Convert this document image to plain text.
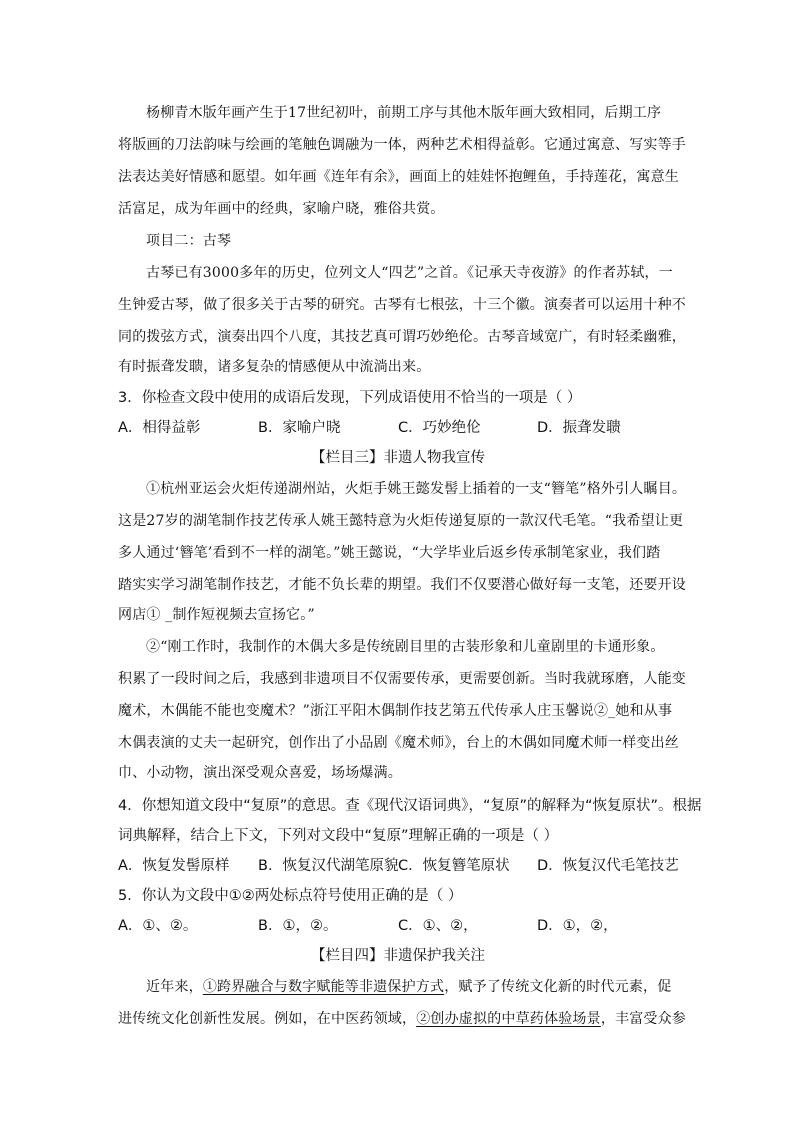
杨柳青木版年画产生于17世纪初叶，前期工序与其他木版年画大致相同，后期工序
将版画的刀法韵味与绘画的笔触色调融为一体，两种艺术相得益彰。它通过寓意、写实等手
法表达美好情感和愿望。如年画《连年有余》，画面上的娃娃怀抱鲤鱼，手持莲花，寓意生
活富足，成为年画中的经典，家喻户晓，雅俗共赏。
项目二：古琴
古琴已有3000多年的历史，位列文人“四艺”之首。《记承天寺夜游》的作者苏轼，一
生钟爱古琴，做了很多关于古琴的研究。古琴有七根弦，十三个徽。演奏者可以运用十种不
同的拨弦方式，演奏出四个八度，其技艺真可谓巧妙绝伦。古琴音域宽广，有时轻柔幽雅，
有时振聋发聩，诸多复杂的情感便从中流淌出来。
3．你检查文段中使用的成语后发现，下列成语使用不恰当的一项是（ ）
A．相得益彰	B．家喻户晓	C．巧妙绝伦	D．振聋发聩
【栏目三】非遗人物我宣传
①杭州亚运会火炬传递湖州站，火炬手姚王懿发髻上插着的一支“簪笔”格外引人瞩目。
这是27岁的湖笔制作技艺传承人姚王懿特意为火炬传递复原的一款汉代毛笔。“我希望让更
多人通过‘簪笔’看到不一样的湖笔。”姚王懿说，“大学毕业后返乡传承制笔家业，我们踏
踏实实学习湖笔制作技艺，才能不负长辈的期望。我们不仅要潜心做好每一支笔，还要开设
网店① _制作短视频去宣扬它。”
②“刚工作时，我制作的木偶大多是传统剧目里的古装形象和儿童剧里的卡通形象。
积累了一段时间之后，我感到非遗项目不仅需要传承，更需要创新。当时我就琢磨，人能变
魔术，木偶能不能也变魔术？”浙江平阳木偶制作技艺第五代传承人庄玉馨说②_她和从事
木偶表演的丈夫一起研究，创作出了小品剧《魔术师》，台上的木偶如同魔术师一样变出丝
巾、小动物，演出深受观众喜爱，场场爆满。
4．你想知道文段中“复原”的意思。查《现代汉语词典》，“复原”的解释为“恢复原状”。根据
词典解释，结合上下文，下列对文段中“复原”理解正确的一项是（ ）
A．恢复发髻原样 B．恢复汉代湖笔原貌 C．恢复簪笔原状 D．恢复汉代毛笔技艺
5．你认为文段中①②两处标点符号使用正确的是（ ）
A．①、②。	B．①，②。	C．①、②，	D．①，②，
【栏目四】非遗保护我关注
近年来，①跨界融合与数字赋能等非遗保护方式，赋予了传统文化新的时代元素，促
进传统文化创新性发展。例如，在中医药领域，②创办虚拟的中草药体验场景，丰富受众参
